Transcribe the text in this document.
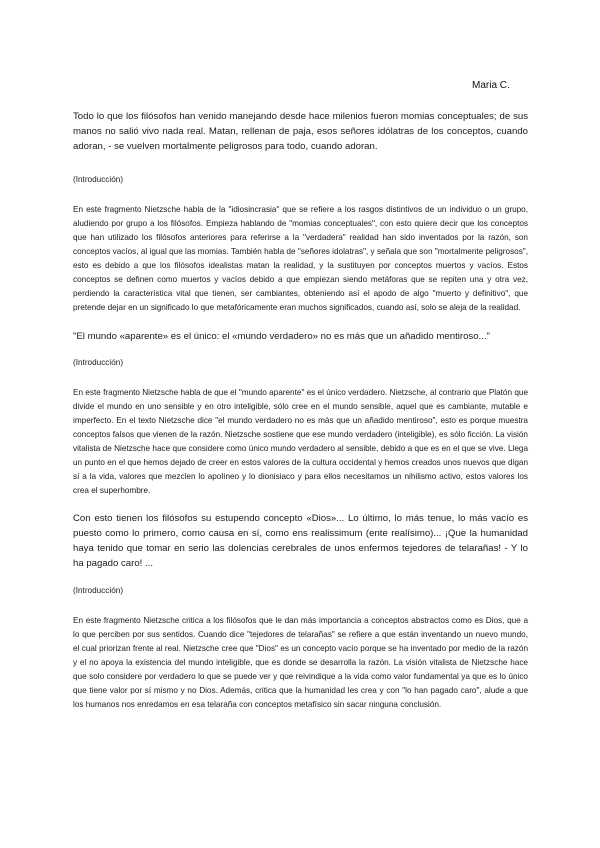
Maria C.

Todo lo que los filósofos han venido manejando desde hace milenios fueron momias conceptuales; de sus manos no salió vivo nada real. Matan, rellenan de paja, esos señores idólatras de los conceptos, cuando adoran, - se vuelven mortalmente peligrosos para todo, cuando adoran.

(Introducción)

En este fragmento Nietzsche habla de la "idiosincrasia" que se refiere a los rasgos distintivos de un individuo o un grupo, aludiendo por grupo a los filósofos. Empieza hablando de "momias conceptuales", con esto quiere decir que los conceptos que han utilizado los filósofos anteriores para referirse a la "verdadera" realidad han sido inventados por la razón, son conceptos vacíos, al igual que las momias. También habla de "señores idolatras", y señala que son "mortalmente peligrosos", esto es debido a que los filósofos idealistas matan la realidad, y la sustituyen por conceptos muertos y vacíos. Estos conceptos se definen como muertos y vacíos debido a que empiezan siendo metáforas que se repiten una y otra vez, perdiendo la característica vital que tienen, ser cambiantes, obteniendo así el apodo de algo "muerto y definitivo", que pretende dejar en un significado lo que metafóricamente eran muchos significados, cuando así, solo se aleja de la realidad.

"El mundo «aparente» es el único: el «mundo verdadero» no es más que un añadido mentiroso..."

(Introducción)

En este fragmento Nietzsche habla de que el "mundo aparente" es el único verdadero. Nietzsche, al contrario que Platón que divide el mundo en uno sensible y en otro inteligible, sólo cree en el mundo sensible, aquel que es cambiante, mutable e imperfecto. En el texto Nietzsche dice "el mundo verdadero no es más que un añadido mentiroso", esto es porque muestra conceptos falsos que vienen de la razón. Nietzsche sostiene que ese mundo verdadero (inteligible), es sólo ficción. La visión vitalista de Nietzsche hace que considere como único mundo verdadero al sensible, debido a que es en el que se vive. Llega un punto en el que hemos dejado de creer en estos valores de la cultura occidental y hemos creados unos nuevos que digan sí a la vida, valores que mezclen lo apolíneo y lo dionisiaco y para ellos necesitamos un nihilismo activo, estos valores los crea el superhombre.

Con esto tienen los filósofos su estupendo concepto «Dios»... Lo último, lo más tenue, lo más vacío es puesto como lo primero, como causa en sí, como ens realissimum (ente realísimo)... ¡Que la humanidad haya tenido que tomar en serio las dolencias cerebrales de unos enfermos tejedores de telarañas! - Y lo ha pagado caro! ...

(Introducción)

En este fragmento Nietzsche critica a los filósofos que le dan más importancia a conceptos abstractos como es Dios, que a lo que perciben por sus sentidos. Cuando dice "tejedores de telarañas" se refiere a que están inventando un nuevo mundo, el cual priorizan frente al real. Nietzsche cree que "Dios" es un concepto vacío porque se ha inventado por medio de la razón y el no apoya la existencia del mundo inteligible, que es donde se desarrolla la razón. La visión vitalista de Nietzsche hace que solo considere por verdadero lo que se puede ver y que reivindique a la vida como valor fundamental ya que es lo único que tiene valor por sí mismo y no Dios. Además, critica que la humanidad les crea y con "lo han pagado caro", alude a que los humanos nos enredamos en esa telaraña con conceptos metafísico sin sacar ninguna conclusión.
